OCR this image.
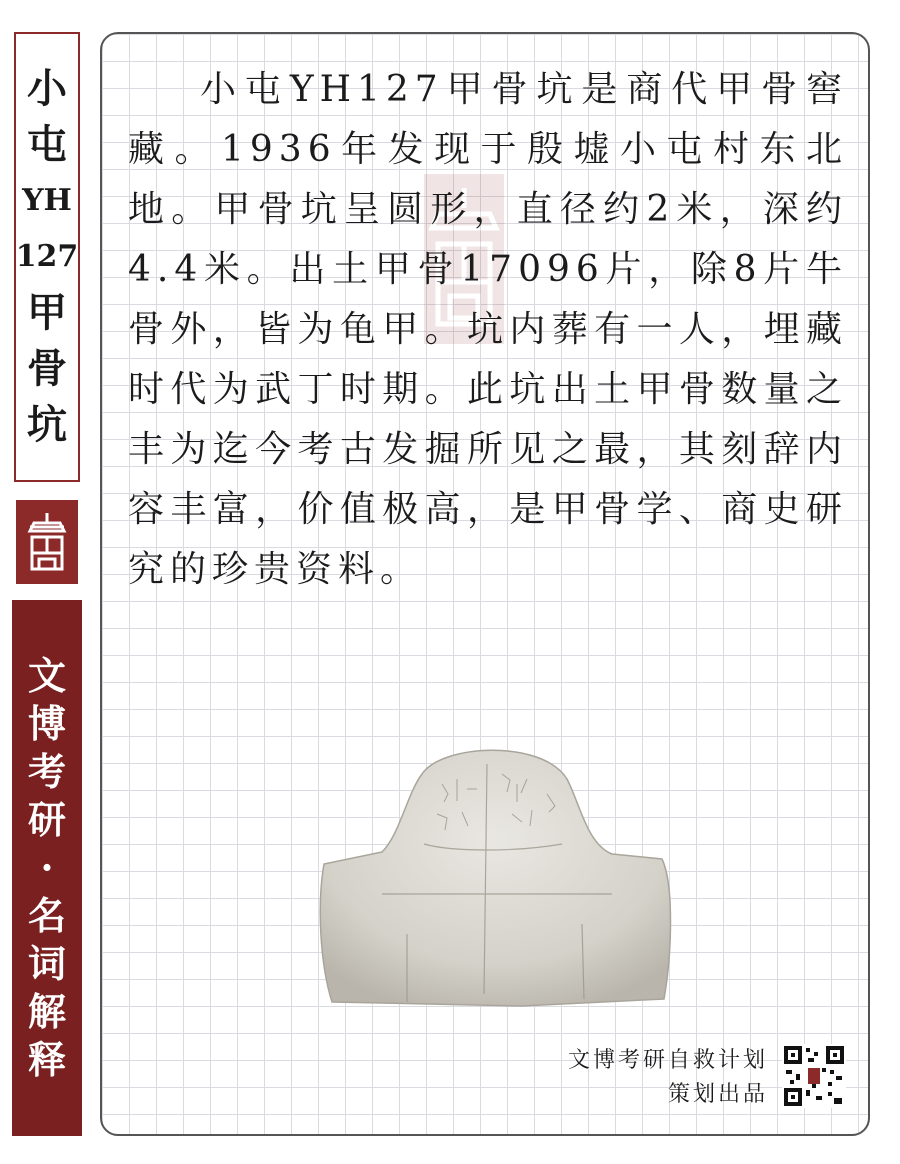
小
屯
YH
127
甲
骨
坑
文
博
考
研
·
名
词
解
释
小屯YH127甲骨坑是商代甲骨窖藏。1936年发现于殷墟小屯村东北地。甲骨坑呈圆形，直径约2米，深约4.4米。出土甲骨17096片，除8片牛骨外，皆为龟甲。坑内葬有一人，埋藏时代为武丁时期。此坑出土甲骨数量之丰为迄今考古发掘所见之最，其刻辞内容丰富，价值极高，是甲骨学、商史研究的珍贵资料。
文博考研自救计划
策划出品
